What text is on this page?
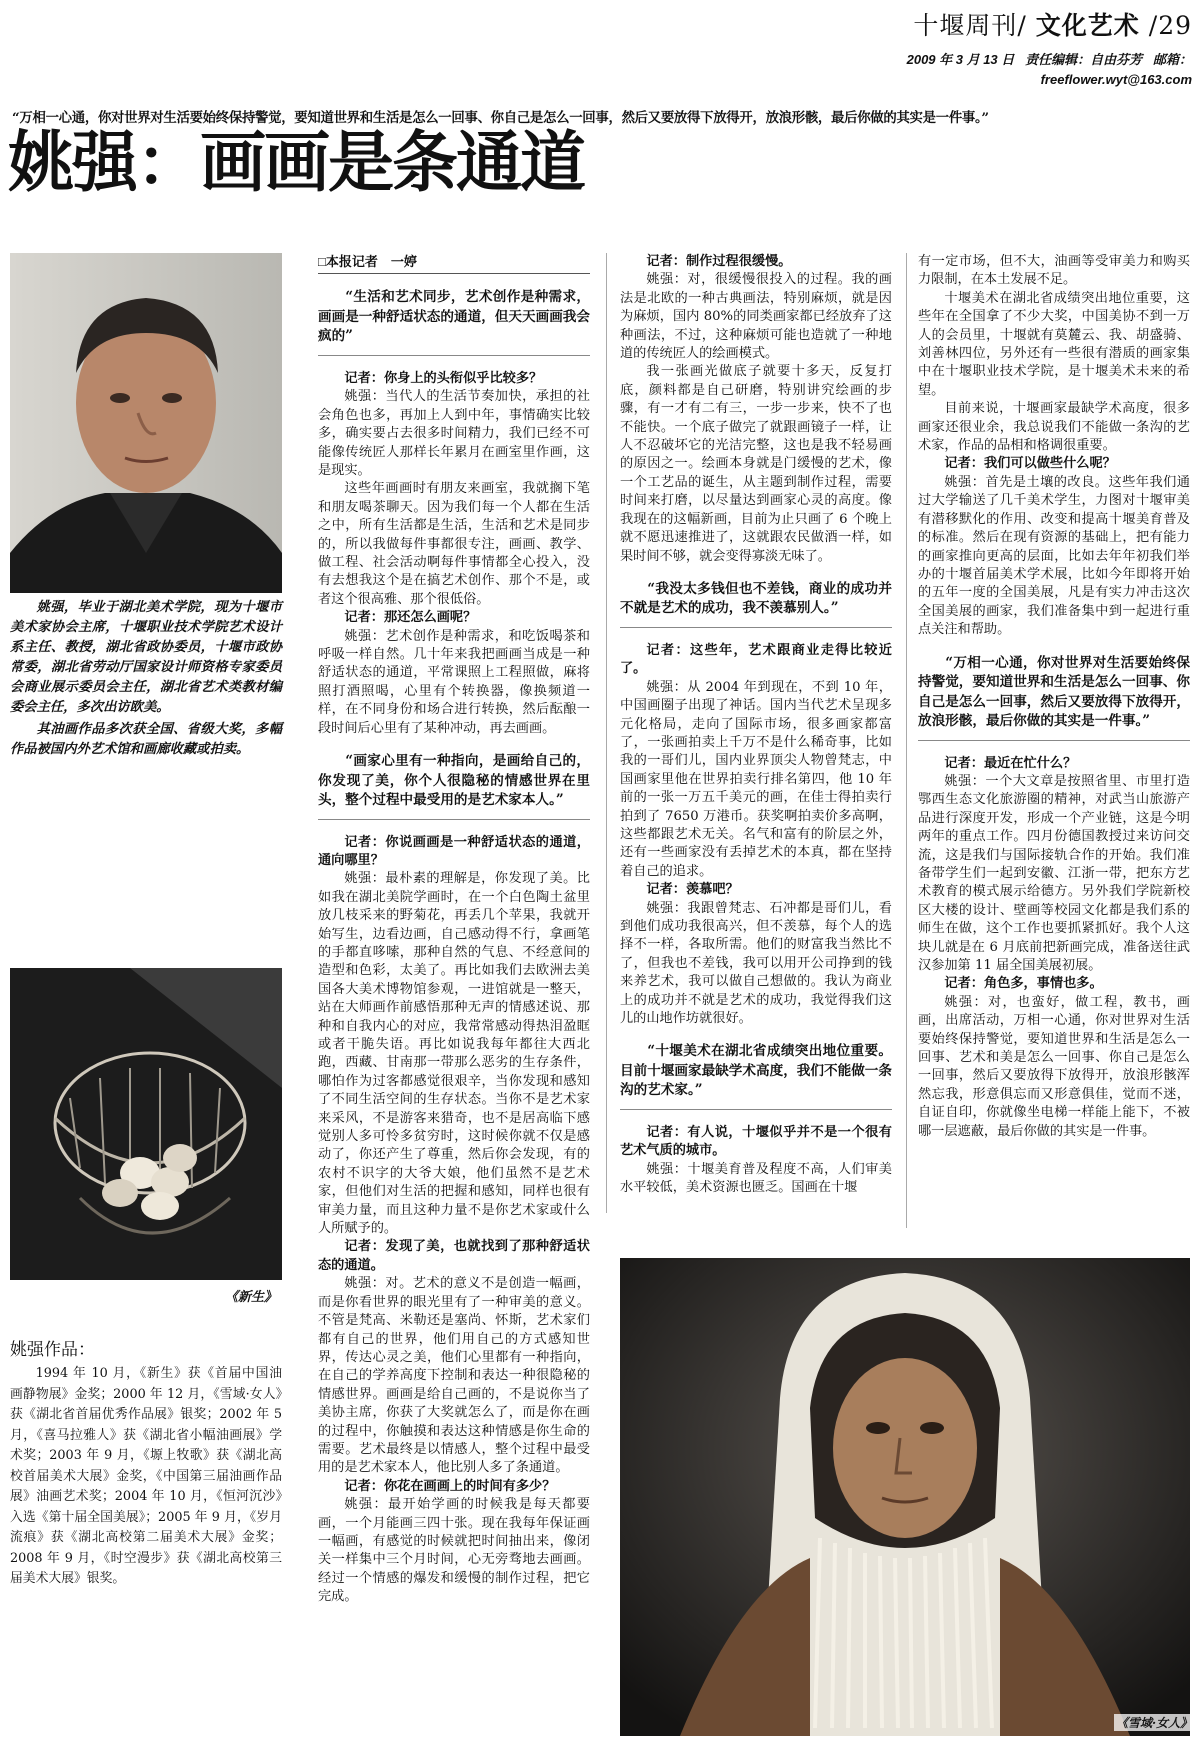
十堰周刊/ 文化艺术 /29
2009 年 3 月 13 日 责任编辑：自由芬芳 邮箱：freeflower.wyt@163.com
“万相一心通，你对世界对生活要始终保持警觉，要知道世界和生活是怎么一回事、你自己是怎么一回事，然后又要放得下放得开，放浪形骸，最后你做的其实是一件事。”
姚强：画画是条通道

姚强，毕业于湖北美术学院，现为十堰市美术家协会主席，十堰职业技术学院艺术设计系主任、教授，湖北省政协委员，十堰市政协常委，湖北省劳动厅国家设计师资格专家委员会商业展示委员会主任，湖北省艺术类教材编委会主任，多次出访欧美。

其油画作品多次获全国、省级大奖，多幅作品被国内外艺术馆和画廊收藏或拍卖。

《新生》
姚强作品：
1994 年 10 月，《新生》获《首届中国油画静物展》金奖；2000 年 12 月，《雪域·女人》获《湖北省首届优秀作品展》银奖；2002 年 5 月，《喜马拉雅人》获《湖北省小幅油画展》学术奖；2003 年 9 月，《塬上牧歌》获《湖北高校首届美术大展》金奖，《中国第三届油画作品展》油画艺术奖；2004 年 10 月，《恒河沉沙》入选《第十届全国美展》；2005 年 9 月，《岁月流痕》获《湖北高校第二届美术大展》金奖；2008 年 9 月，《时空漫步》获《湖北高校第三届美术大展》银奖。

□本报记者　一婷

“生活和艺术同步，艺术创作是种需求，画画是一种舒适状态的通道，但天天画画我会疯的”

记者：你身上的头衔似乎比较多？

姚强：当代人的生活节奏加快，承担的社会角色也多，再加上人到中年，事情确实比较多，确实要占去很多时间精力，我们已经不可能像传统匠人那样长年累月在画室里作画，这是现实。

这些年画画时有朋友来画室，我就搁下笔和朋友喝茶聊天。因为我们每一个人都在生活之中，所有生活都是生活，生活和艺术是同步的，所以我做每件事都很专注，画画、教学、做工程、社会活动啊每件事情都全心投入，没有去想我这个是在搞艺术创作、那个不是，或者这个很高雅、那个很低俗。

记者：那还怎么画呢？

姚强：艺术创作是种需求，和吃饭喝茶和呼吸一样自然。几十年来我把画画当成是一种舒适状态的通道，平常课照上工程照做，麻将照打酒照喝，心里有个转换器，像换频道一样，在不同身份和场合进行转换，然后酝酿一段时间后心里有了某种冲动，再去画画。

“画家心里有一种指向，是画给自己的，你发现了美，你个人很隐秘的情感世界在里头，整个过程中最受用的是艺术家本人。”

记者：你说画画是一种舒适状态的通道，通向哪里？

姚强：最朴素的理解是，你发现了美。比如我在湖北美院学画时，在一个白色陶土盆里放几枝采来的野菊花，再丢几个苹果，我就开始写生，边看边画，自己感动得不行，拿画笔的手都直哆嗦，那种自然的气息、不经意间的造型和色彩，太美了。再比如我们去欧洲去美国各大美术博物馆参观，一进馆就是一整天，站在大师画作前感悟那种无声的情感述说、那种和自我内心的对应，我常常感动得热泪盈眶或者干脆失语。再比如说我每年都往大西北跑，西藏、甘南那一带那么恶劣的生存条件，哪怕作为过客都感觉很艰辛，当你发现和感知了不同生活空间的生存状态。当你不是艺术家来采风，不是游客来猎奇，也不是居高临下感觉别人多可怜多贫穷时，这时候你就不仅是感动了，你还产生了尊重，然后你会发现，有的农村不识字的大爷大娘，他们虽然不是艺术家，但他们对生活的把握和感知，同样也很有审美力量，而且这种力量不是你艺术家或什么人所赋予的。

记者：发现了美，也就找到了那种舒适状态的通道。

姚强：对。艺术的意义不是创造一幅画，而是你看世界的眼光里有了一种审美的意义。不管是梵高、米勒还是塞尚、怀斯，艺术家们都有自己的世界，他们用自己的方式感知世界，传达心灵之美，他们心里都有一种指向，在自己的学养高度下控制和表达一种很隐秘的情感世界。画画是给自己画的，不是说你当了美协主席，你获了大奖就怎么了，而是你在画的过程中，你触摸和表达这种情感是你生命的需要。艺术最终是以情感人，整个过程中最受用的是艺术家本人，他比别人多了条通道。

记者：你花在画画上的时间有多少？

姚强：最开始学画的时候我是每天都要画，一个月能画三四十张。现在我每年保证画一幅画，有感觉的时候就把时间抽出来，像闭关一样集中三个月时间，心无旁骛地去画画。经过一个情感的爆发和缓慢的制作过程，把它完成。

记者：制作过程很缓慢。

姚强：对，很缓慢很投入的过程。我的画法是北欧的一种古典画法，特别麻烦，就是因为麻烦，国内 80%的同类画家都已经放弃了这种画法，不过，这种麻烦可能也造就了一种地道的传统匠人的绘画模式。

我一张画光做底子就要十多天，反复打底，颜料都是自己研磨，特别讲究绘画的步骤，有一才有二有三，一步一步来，快不了也不能快。一个底子做完了就跟画镜子一样，让人不忍破坏它的光洁完整，这也是我不轻易画的原因之一。绘画本身就是门缓慢的艺术，像一个工艺品的诞生，从主题到制作过程，需要时间来打磨，以尽量达到画家心灵的高度。像我现在的这幅新画，目前为止只画了 6 个晚上就不愿迅速推进了，这就跟农民做酒一样，如果时间不够，就会变得寡淡无味了。

“我没太多钱但也不差钱，商业的成功并不就是艺术的成功，我不羡慕别人。”

记者：这些年，艺术跟商业走得比较近了。

姚强：从 2004 年到现在，不到 10 年，中国画圈子出现了神话。国内当代艺术呈现多元化格局，走向了国际市场，很多画家都富了，一张画拍卖上千万不是什么稀奇事，比如我的一哥们儿，国内业界顶尖人物曾梵志，中国画家里他在世界拍卖行排名第四，他 10 年前的一张一万五千美元的画，在佳士得拍卖行拍到了 7650 万港币。获奖啊拍卖价多高啊，这些都跟艺术无关。名气和富有的阶层之外，还有一些画家没有丢掉艺术的本真，都在坚持着自己的追求。

记者：羡慕吧？

姚强：我跟曾梵志、石冲都是哥们儿，看到他们成功我很高兴，但不羡慕，每个人的选择不一样，各取所需。他们的财富我当然比不了，但我也不差钱，我可以用开公司挣到的钱来养艺术，我可以做自己想做的。我认为商业上的成功并不就是艺术的成功，我觉得我们这儿的山地作坊就很好。

“十堰美术在湖北省成绩突出地位重要。目前十堰画家最缺学术高度，我们不能做一条沟的艺术家。”

记者：有人说，十堰似乎并不是一个很有艺术气质的城市。

姚强：十堰美育普及程度不高，人们审美水平较低，美术资源也匮乏。国画在十堰

有一定市场，但不大，油画等受审美力和购买力限制，在本土发展不足。

十堰美术在湖北省成绩突出地位重要，这些年在全国拿了不少大奖，中国美协不到一万人的会员里，十堰就有莫麓云、我、胡盛骑、刘善林四位，另外还有一些很有潜质的画家集中在十堰职业技术学院，是十堰美术未来的希望。

目前来说，十堰画家最缺学术高度，很多画家还很业余，我总说我们不能做一条沟的艺术家，作品的品相和格调很重要。

记者：我们可以做些什么呢？

姚强：首先是土壤的改良。这些年我们通过大学输送了几千美术学生，力图对十堰审美有潜移默化的作用、改变和提高十堰美育普及的标准。然后在现有资源的基础上，把有能力的画家推向更高的层面，比如去年年初我们举办的十堰首届美术学术展，比如今年即将开始的五年一度的全国美展，凡是有实力冲击这次全国美展的画家，我们准备集中到一起进行重点关注和帮助。

“万相一心通，你对世界对生活要始终保持警觉，要知道世界和生活是怎么一回事、你自己是怎么一回事，然后又要放得下放得开，放浪形骸，最后你做的其实是一件事。”

记者：最近在忙什么？

姚强：一个大文章是按照省里、市里打造鄂西生态文化旅游圈的精神，对武当山旅游产品进行深度开发，形成一个产业链，这是今明两年的重点工作。四月份德国教授过来访问交流，这是我们与国际接轨合作的开始。我们准备带学生们一起到安徽、江浙一带，把东方艺术教育的模式展示给德方。另外我们学院新校区大楼的设计、壁画等校园文化都是我们系的师生在做，这个工作也要抓紧抓好。我个人这块儿就是在 6 月底前把新画完成，准备送往武汉参加第 11 届全国美展初展。

记者：角色多，事情也多。

姚强：对，也蛮好，做工程，教书，画画，出席活动，万相一心通，你对世界对生活要始终保持警觉，要知道世界和生活是怎么一回事、艺术和美是怎么一回事、你自己是怎么一回事，然后又要放得下放得开，放浪形骸浑然忘我，形意俱忘而又形意俱佳，觉而不迷，自证自印，你就像坐电梯一样能上能下，不被哪一层遮蔽，最后你做的其实是一件事。

《雪域·女人》
